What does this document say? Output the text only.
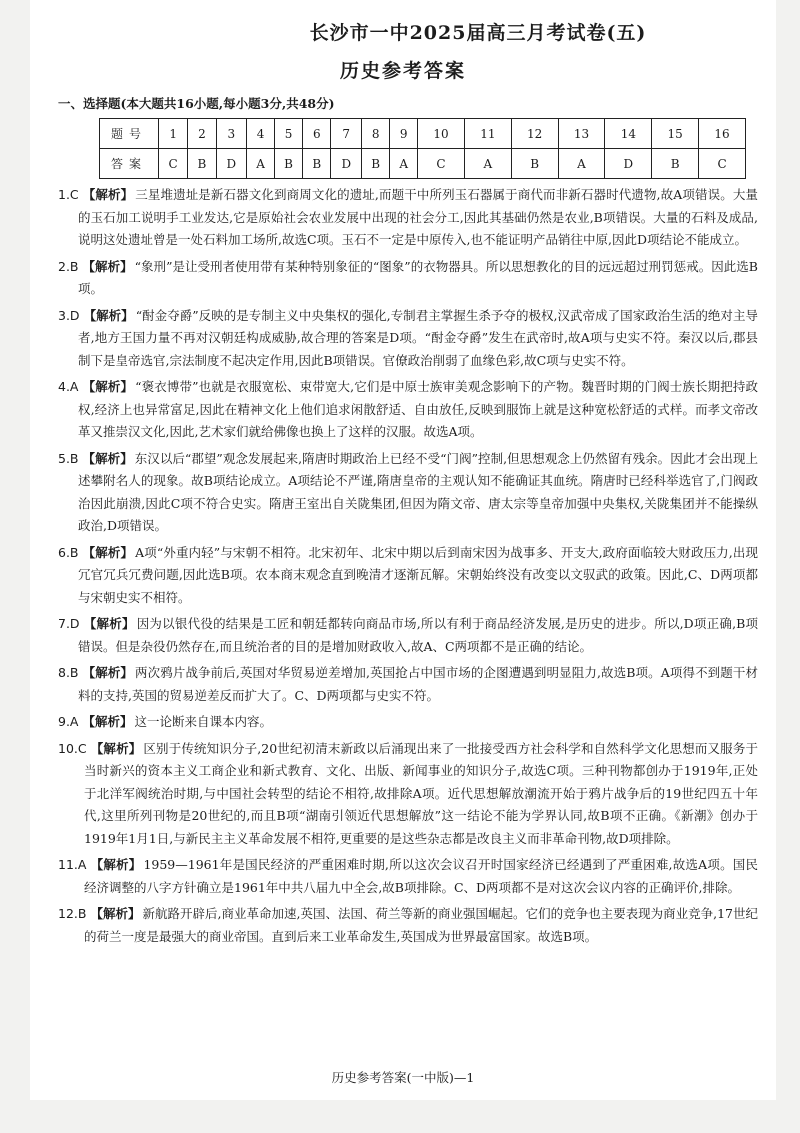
长沙市一中2025届高三月考试卷(五)
历史参考答案
一、选择题(本大题共16小题,每小题3分,共48分)
题号	1	2	3	4	5	6	7	8	9	10	11	12	13	14	15	16
答案	C	B	D	A	B	B	D	B	A	C	A	B	A	D	B	C
1.C 【解析】 三星堆遗址是新石器文化到商周文化的遗址,而题干中所列玉石器属于商代而非新石器时代遗物,故A项错误。大量的玉石加工说明手工业发达,它是原始社会农业发展中出现的社会分工,因此其基础仍然是农业,B项错误。大量的石料及成品,说明这处遗址曾是一处石料加工场所,故选C项。玉石不一定是中原传入,也不能证明产品销往中原,因此D项结论不能成立。
2.B 【解析】 “象刑”是让受刑者使用带有某种特别象征的“图象”的衣物器具。所以思想教化的目的远远超过刑罚惩戒。因此选B项。
3.D 【解析】 “酎金夺爵”反映的是专制主义中央集权的强化,专制君主掌握生杀予夺的极权,汉武帝成了国家政治生活的绝对主导者,地方王国力量不再对汉朝廷构成威胁,故合理的答案是D项。“酎金夺爵”发生在武帝时,故A项与史实不符。秦汉以后,郡县制下是皇帝选官,宗法制度不起决定作用,因此B项错误。官僚政治削弱了血缘色彩,故C项与史实不符。
4.A 【解析】 “褒衣博带”也就是衣服宽松、束带宽大,它们是中原士族审美观念影响下的产物。魏晋时期的门阀士族长期把持政权,经济上也异常富足,因此在精神文化上他们追求闲散舒适、自由放任,反映到服饰上就是这种宽松舒适的式样。而孝文帝改革又推崇汉文化,因此,艺术家们就给佛像也换上了这样的汉服。故选A项。
5.B 【解析】 东汉以后“郡望”观念发展起来,隋唐时期政治上已经不受“门阀”控制,但思想观念上仍然留有残余。因此才会出现上述攀附名人的现象。故B项结论成立。A项结论不严谨,隋唐皇帝的主观认知不能确证其血统。隋唐时已经科举选官了,门阀政治因此崩溃,因此C项不符合史实。隋唐王室出自关陇集团,但因为隋文帝、唐太宗等皇帝加强中央集权,关陇集团并不能操纵政治,D项错误。
6.B 【解析】 A项“外重内轻”与宋朝不相符。北宋初年、北宋中期以后到南宋因为战事多、开支大,政府面临较大财政压力,出现冗官冗兵冗费问题,因此选B项。农本商末观念直到晚清才逐渐瓦解。宋朝始终没有改变以文驭武的政策。因此,C、D两项都与宋朝史实不相符。
7.D 【解析】 因为以银代役的结果是工匠和朝廷都转向商品市场,所以有利于商品经济发展,是历史的进步。所以,D项正确,B项错误。但是杂役仍然存在,而且统治者的目的是增加财政收入,故A、C两项都不是正确的结论。
8.B 【解析】 两次鸦片战争前后,英国对华贸易逆差增加,英国抢占中国市场的企图遭遇到明显阻力,故选B项。A项得不到题干材料的支持,英国的贸易逆差反而扩大了。C、D两项都与史实不符。
9.A 【解析】 这一论断来自课本内容。
10.C 【解析】 区别于传统知识分子,20世纪初清末新政以后涌现出来了一批接受西方社会科学和自然科学文化思想而又服务于当时新兴的资本主义工商企业和新式教育、文化、出版、新闻事业的知识分子,故选C项。三种刊物都创办于1919年,正处于北洋军阀统治时期,与中国社会转型的结论不相符,故排除A项。近代思想解放潮流开始于鸦片战争后的19世纪四五十年代,这里所列刊物是20世纪的,而且B项“湖南引领近代思想解放”这一结论不能为学界认同,故B项不正确。《新潮》创办于1919年1月1日,与新民主主义革命发展不相符,更重要的是这些杂志都是改良主义而非革命刊物,故D项排除。
11.A 【解析】 1959—1961年是国民经济的严重困难时期,所以这次会议召开时国家经济已经遇到了严重困难,故选A项。国民经济调整的八字方针确立是1961年中共八届九中全会,故B项排除。C、D两项都不是对这次会议内容的正确评价,排除。
12.B 【解析】 新航路开辟后,商业革命加速,英国、法国、荷兰等新的商业强国崛起。它们的竞争也主要表现为商业竞争,17世纪的荷兰一度是最强大的商业帝国。直到后来工业革命发生,英国成为世界最富国家。故选B项。
历史参考答案(一中版)—1
